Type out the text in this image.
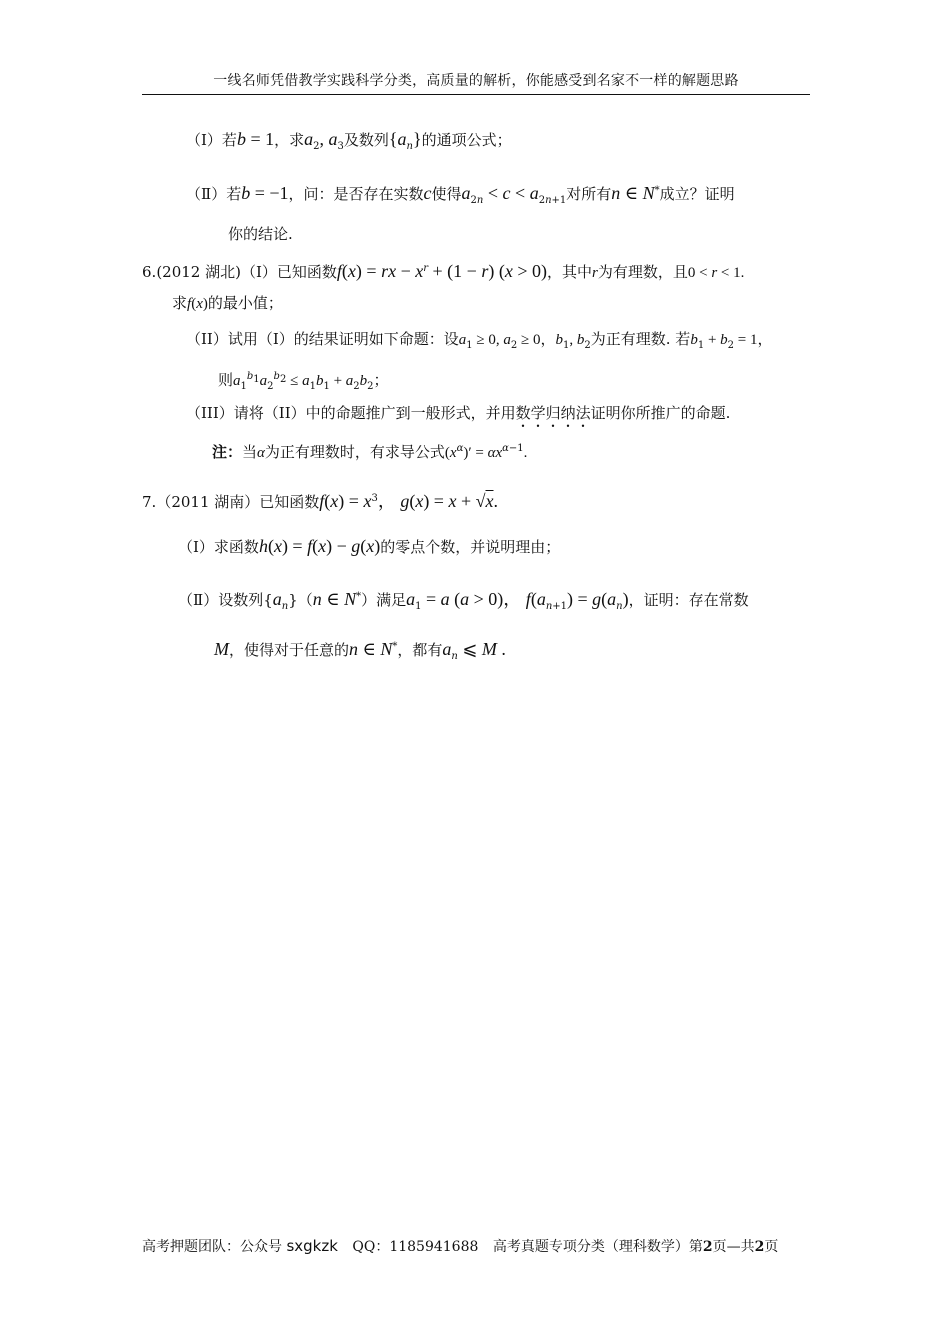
一线名师凭借教学实践科学分类，高质量的解析，你能感受到名家不一样的解题思路
（Ⅰ）若b = 1，求$a_2$, $a_3$及数列$\{a_n\}$的通项公式；
（Ⅱ）若b = −1，问：是否存在实数c使得$a_{2n} < c < a_{2n+1}$对所有n ∈ N*成立？证明
你的结论.
6.(2012 湖北)（Ⅰ）已知函数f(x) = rx − $x^r + (1 - r) (x > 0)$，其中r为有理数，且0 < r < 1.
求f(x)的最小值；
（II）试用（I）的结果证明如下命题：设$a_1 \ge 0$, $a_2 \ge 0$，$b_1$, $b_2$为正有理数. 若$b_1 + b_2 = 1$，
则$a_1^{b_1}a_2^{b_2} \le a_1b_1 + a_2b_2$；
（III）请将（II）中的命题推广到一般形式，并用数学归纳法证明你所推广的命题.
注：当α为正有理数时，有求导公式$(x^\alpha)' = \alpha x^{\alpha-1}$.
7.（2011 湖南）已知函数$f(x) = x^3$， g(x) = x + √x.
（Ⅰ）求函数h(x) = f(x) − g(x)的零点个数，并说明理由；
（Ⅱ）设数列$\{a_n\}(n$ ∈ N*）满足$a_1 = a$ (a > 0)， $f(a_{n+1}) = g(a_n)$，证明：存在常数
M，使得对于任意的n ∈ N*，都有$a_n$ ⩽ M .
高考押题团队：公众号 sxgkzk QQ：1185941688 高考真题专项分类（理科数学）第2页—共2页
